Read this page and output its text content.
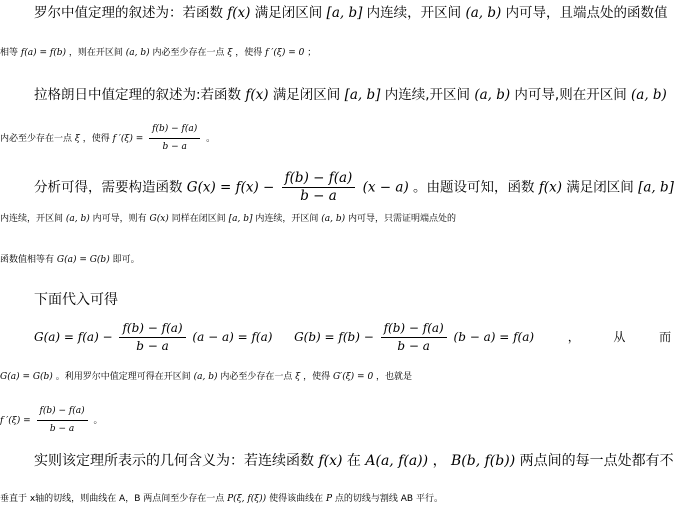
罗尔中值定理的叙述为：若函数 f(x) 满足闭区间 [a, b] 内连续，开区间 (a, b) 内可导，且端点处的函数值
相等 f(a) = f(b) ，则在开区间 (a, b) 内必至少存在一点 ξ ，使得 f ′(ξ) = 0 ；
拉格朗日中值定理的叙述为:若函数 f(x) 满足闭区间 [a, b] 内连续,开区间 (a, b) 内可导,则在开区间 (a, b)
内必至少存在一点 ξ ，使得 f $'(\xi) = \frac{f(b) - f(a)}{b - a}$ 。
分析可得，需要构造函数 $G(x) = f(x) - \frac{f(b) - f(a)}{b - a} (x - a)$ 。由题设可知，函数 f(x) 满足闭区间 [a, b]
内连续，开区间 (a, b) 内可导，则有 G(x) 同样在闭区间 [a, b] 内连续，开区间 (a, b) 内可导，只需证明端点处的
函数值相等有 G(a) = G(b) 即可。
下面代入可得
$G(a) = f(a) - \frac{f(b) - f(a)}{b - a} (a - a) = f(a) G(b) = f(b) - \frac{f(b) - f(a)}{b - a} (b - a) = f(a)$	，	从	而
G(a) = G(b) 。利用罗尔中值定理可得在开区间 (a, b) 内必至少存在一点 ξ ，使得 G′(ξ) = 0 ，也就是
f $'(\xi) = \frac{f(b) - f(a)}{b - a}$ 。
实则该定理所表示的几何含义为：若连续函数 f(x) 在 A(a, f(a)) ， B(b, f(b)) 两点间的每一点处都有不
垂直于 x轴的切线，则曲线在 A，B 两点间至少存在一点 P(ξ, f(ξ)) 使得该曲线在 P 点的切线与割线 AB 平行。
